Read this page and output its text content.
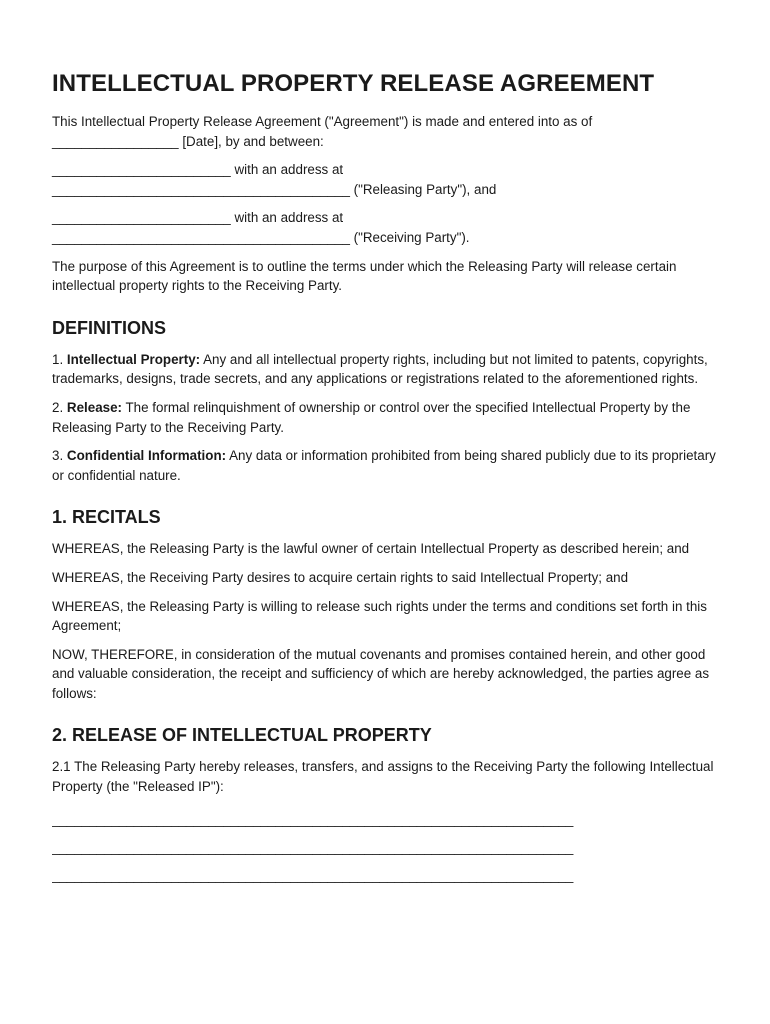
INTELLECTUAL PROPERTY RELEASE AGREEMENT

This Intellectual Property Release Agreement ("Agreement") is made and entered into as of
_________________ [Date], by and between:

________________________ with an address at
________________________________________ ("Releasing Party"), and

________________________ with an address at
________________________________________ ("Receiving Party").

The purpose of this Agreement is to outline the terms under which the Releasing Party will release certain intellectual property rights to the Receiving Party.

DEFINITIONS

1. Intellectual Property: Any and all intellectual property rights, including but not limited to patents, copyrights, trademarks, designs, trade secrets, and any applications or registrations related to the aforementioned rights.

2. Release: The formal relinquishment of ownership or control over the specified Intellectual Property by the Releasing Party to the Receiving Party.

3. Confidential Information: Any data or information prohibited from being shared publicly due to its proprietary or confidential nature.

1. RECITALS

WHEREAS, the Releasing Party is the lawful owner of certain Intellectual Property as described herein; and

WHEREAS, the Receiving Party desires to acquire certain rights to said Intellectual Property; and

WHEREAS, the Releasing Party is willing to release such rights under the terms and conditions set forth in this Agreement;

NOW, THEREFORE, in consideration of the mutual covenants and promises contained herein, and other good and valuable consideration, the receipt and sufficiency of which are hereby acknowledged, the parties agree as follows:

2. RELEASE OF INTELLECTUAL PROPERTY

2.1 The Releasing Party hereby releases, transfers, and assigns to the Receiving Party the following Intellectual Property (the "Released IP"):

______________________________________________________________________
______________________________________________________________________
______________________________________________________________________
